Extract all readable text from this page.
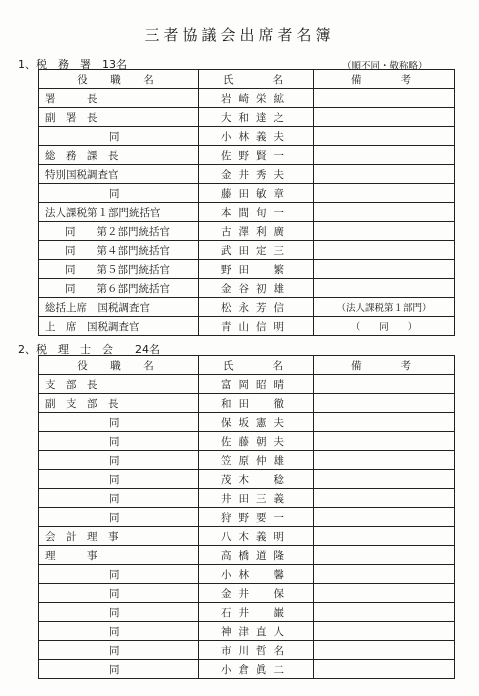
三者協議会出席者名簿
1、税　務　署　13名	（順不同・敬称略）
役　職　名	氏　　名	備　　考
署　　　長	岩崎栄絋	
副　署　長	大和達之	
同	小林義夫	
総　務　課　長	佐野賢一	
特別国税調査官	金井秀夫	
同	藤田敏章	
法人課税第１部門統括官	本間旬一	
同　　第２部門統括官	古澤利廣	
同　　第４部門統括官	武田定三	
同　　第５部門統括官	野田　繁	
同　　第６部門統括官	金谷初雄	
総括上席　国税調査官	松永芳信	（法人課税第１部門）
上　席　国税調査官	青山信明	（　　同　　）
2、税　理　士　会　　24名
役　職　名	氏　　名	備　　考
支　部　長	富岡昭晴	
副　支　部　長	和田　徹	
同	保坂憲夫	
同	佐藤朝夫	
同	笠原仲雄	
同	茂木　稔	
同	井田三義	
同	狩野要一	
会　計　理　事	八木義明	
理　　　事	高橋道隆	
同	小林　馨	
同	金井　保	
同	石井　巌	
同	神津直人	
同	市川哲名	
同	小倉眞二	
